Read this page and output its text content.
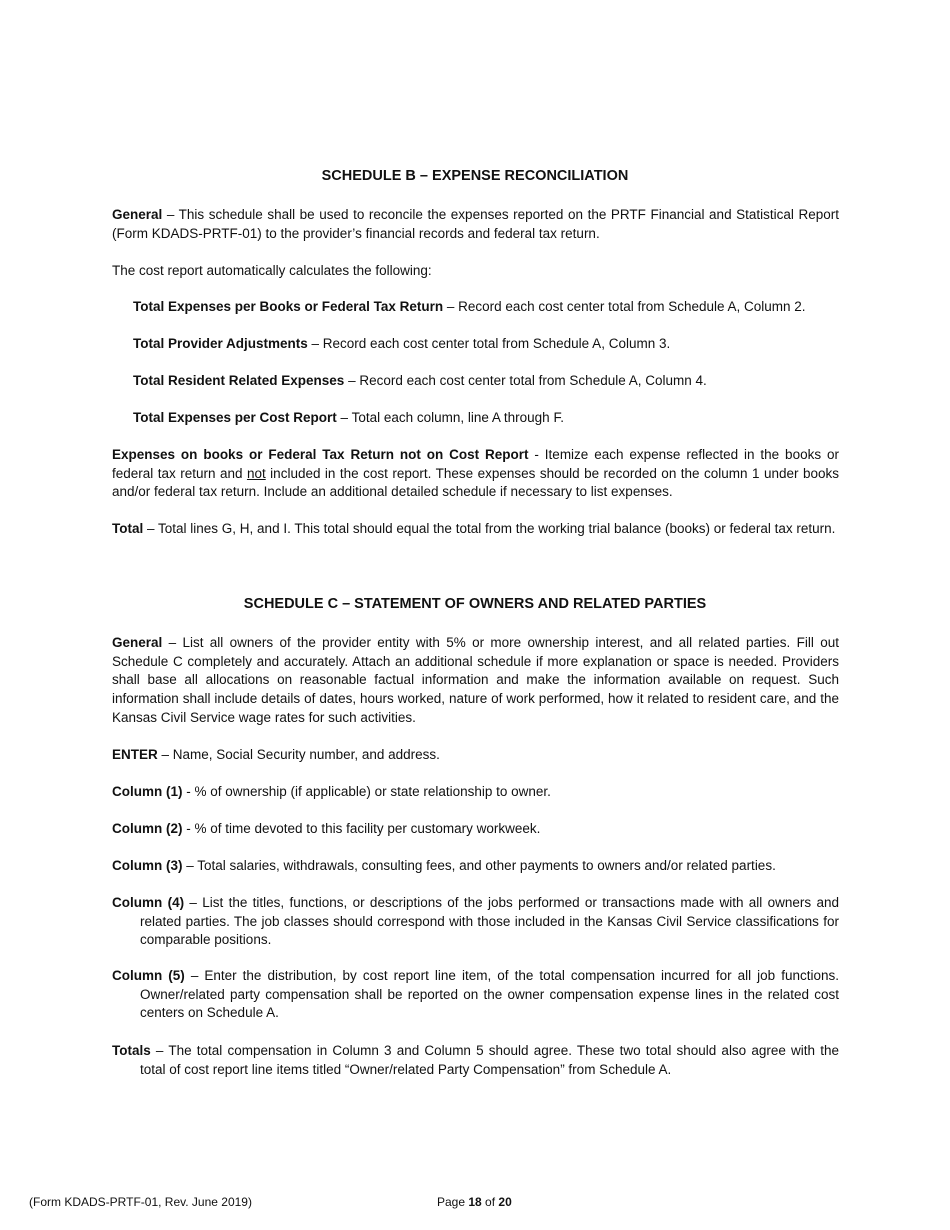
SCHEDULE B – EXPENSE RECONCILIATION

General – This schedule shall be used to reconcile the expenses reported on the PRTF Financial and Statistical Report (Form KDADS-PRTF-01) to the provider’s financial records and federal tax return.

The cost report automatically calculates the following:

Total Expenses per Books or Federal Tax Return – Record each cost center total from Schedule A, Column 2.

Total Provider Adjustments – Record each cost center total from Schedule A, Column 3.

Total Resident Related Expenses – Record each cost center total from Schedule A, Column 4.

Total Expenses per Cost Report – Total each column, line A through F.

Expenses on books or Federal Tax Return not on Cost Report - Itemize each expense reflected in the books or federal tax return and not included in the cost report. These expenses should be recorded on the column 1 under books and/or federal tax return. Include an additional detailed schedule if necessary to list expenses.

Total – Total lines G, H, and I. This total should equal the total from the working trial balance (books) or federal tax return.

SCHEDULE C – STATEMENT OF OWNERS AND RELATED PARTIES

General – List all owners of the provider entity with 5% or more ownership interest, and all related parties. Fill out Schedule C completely and accurately. Attach an additional schedule if more explanation or space is needed. Providers shall base all allocations on reasonable factual information and make the information available on request. Such information shall include details of dates, hours worked, nature of work performed, how it related to resident care, and the Kansas Civil Service wage rates for such activities.

ENTER – Name, Social Security number, and address.

Column (1) - % of ownership (if applicable) or state relationship to owner.

Column (2) - % of time devoted to this facility per customary workweek.

Column (3) – Total salaries, withdrawals, consulting fees, and other payments to owners and/or related parties.

Column (4) – List the titles, functions, or descriptions of the jobs performed or transactions made with all owners and related parties. The job classes should correspond with those included in the Kansas Civil Service classifications for comparable positions.

Column (5) – Enter the distribution, by cost report line item, of the total compensation incurred for all job functions. Owner/related party compensation shall be reported on the owner compensation expense lines in the related cost centers on Schedule A.

Totals – The total compensation in Column 3 and Column 5 should agree. These two total should also agree with the total of cost report line items titled “Owner/related Party Compensation” from Schedule A.

(Form KDADS-PRTF-01, Rev. June 2019)	Page 18 of 20
